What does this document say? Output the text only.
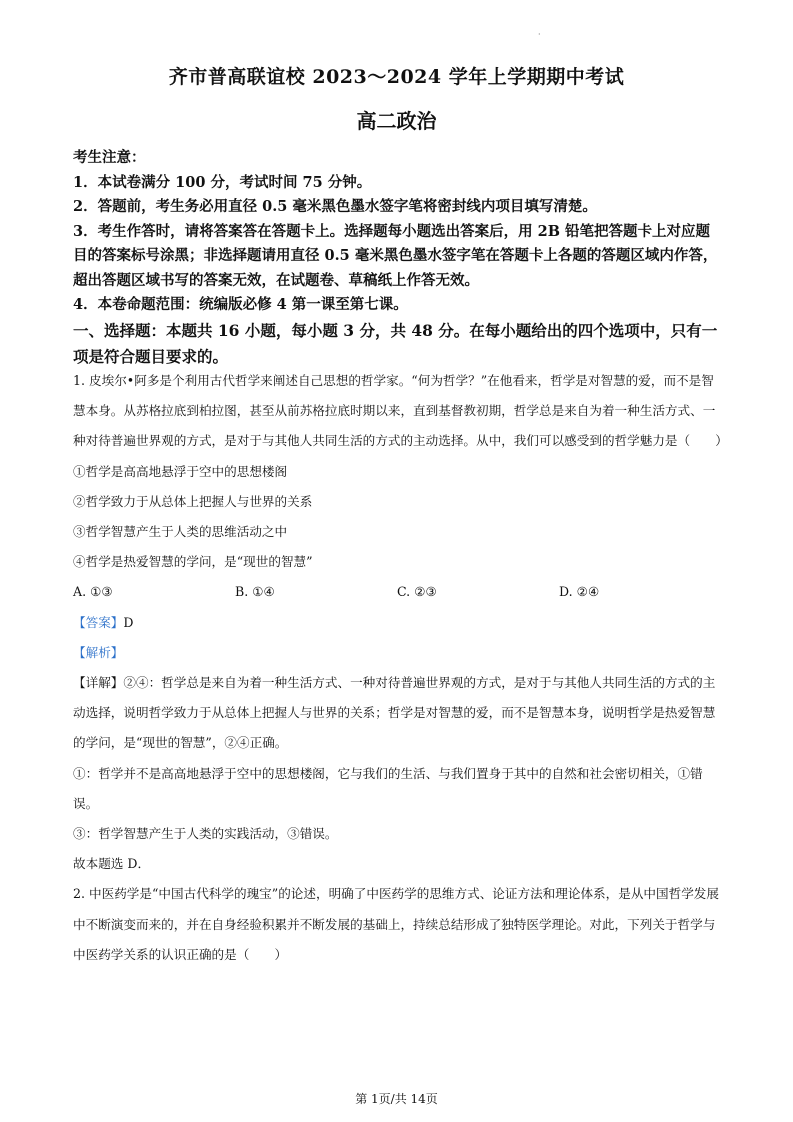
·
齐市普高联谊校 2023～2024 学年上学期期中考试
高二政治

考生注意：

1．本试卷满分 100 分，考试时间 75 分钟。

2．答题前，考生务必用直径 0.5 毫米黑色墨水签字笔将密封线内项目填写清楚。

3．考生作答时，请将答案答在答题卡上。选择题每小题选出答案后，用 2B 铅笔把答题卡上对应题目的答案标号涂黑；非选择题请用直径 0.5 毫米黑色墨水签字笔在答题卡上各题的答题区域内作答，超出答题区域书写的答案无效，在试题卷、草稿纸上作答无效。

4．本卷命题范围：统编版必修 4 第一课至第七课。

一、选择题：本题共 16 小题，每小题 3 分，共 48 分。在每小题给出的四个选项中，只有一项是符合题目要求的。

1. 皮埃尔•阿多是个利用古代哲学来阐述自己思想的哲学家。“何为哲学？”在他看来，哲学是对智慧的爱，而不是智慧本身。从苏格拉底到柏拉图，甚至从前苏格拉底时期以来，直到基督教初期，哲学总是来自为着一种生活方式、一种对待普遍世界观的方式，是对于与其他人共同生活的方式的主动选择。从中，我们可以感受到的哲学魅力是（　　）

①哲学是高高地悬浮于空中的思想楼阁

②哲学致力于从总体上把握人与世界的关系

③哲学智慧产生于人类的思维活动之中

④哲学是热爱智慧的学问，是“现世的智慧”

A. ①③	B. ①④	C. ②③	D. ②④

【答案】D

【解析】

【详解】②④：哲学总是来自为着一种生活方式、一种对待普遍世界观的方式，是对于与其他人共同生活的方式的主动选择，说明哲学致力于从总体上把握人与世界的关系；哲学是对智慧的爱，而不是智慧本身，说明哲学是热爱智慧的学问，是“现世的智慧”，②④正确。

①：哲学并不是高高地悬浮于空中的思想楼阁，它与我们的生活、与我们置身于其中的自然和社会密切相关，①错误。

③：哲学智慧产生于人类的实践活动，③错误。

故本题选 D．

2. 中医药学是“中国古代科学的瑰宝”的论述，明确了中医药学的思维方式、论证方法和理论体系，是从中国哲学发展中不断演变而来的，并在自身经验积累并不断发展的基础上，持续总结形成了独特医学理论。对此，下列关于哲学与中医药学关系的认识正确的是（　　）

第 1页/共 14页
